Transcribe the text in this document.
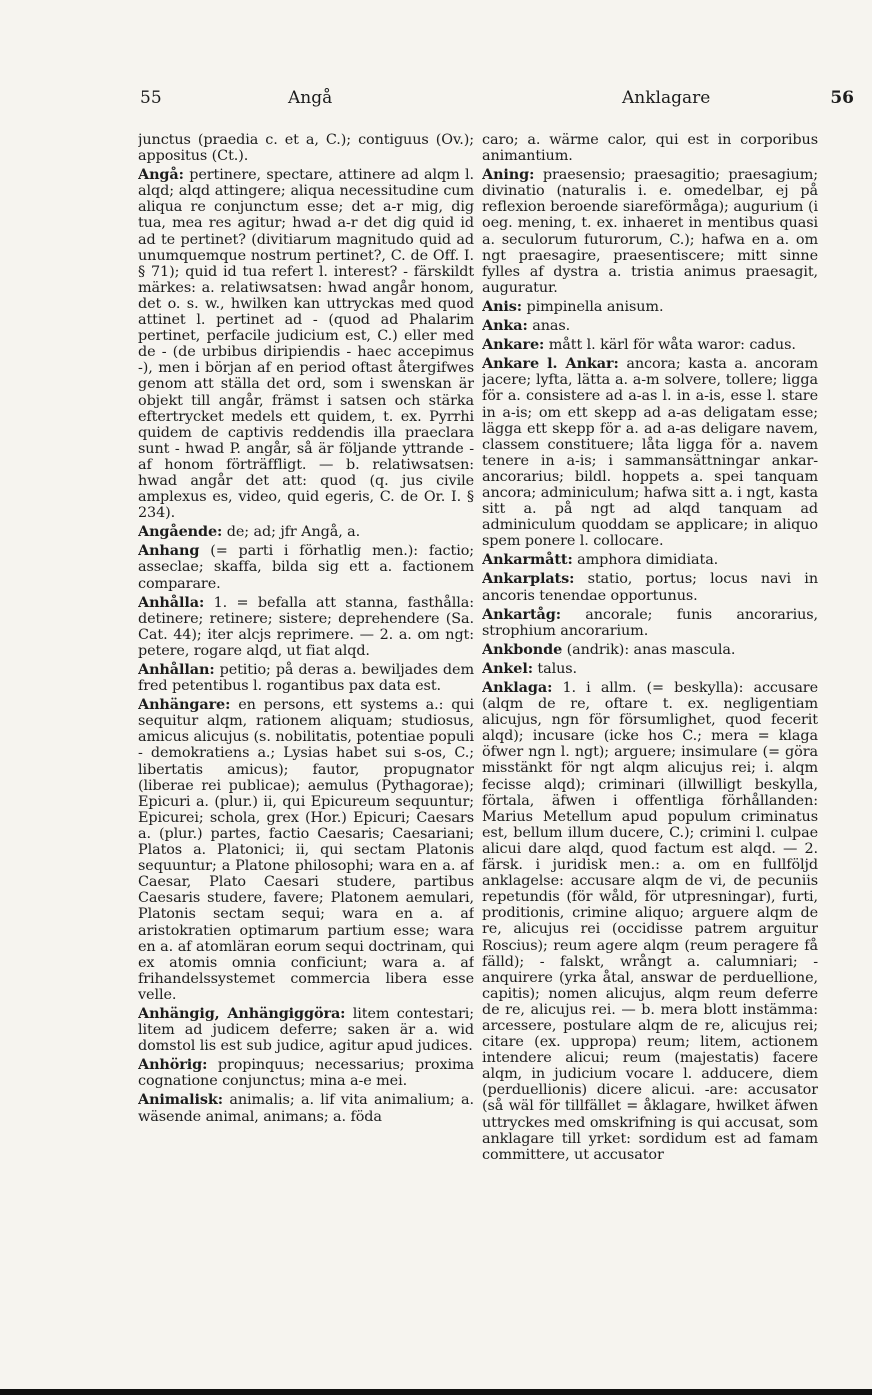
55	Angå	Anklagare	56

junctus (praedia c. et a, C.); contiguus (Ov.); appositus (Ct.).

Angå: pertinere, spectare, attinere ad alqm l. alqd; alqd attingere; aliqua necessitudine cum aliqua re conjunctum esse; det a-r mig, dig tua, mea res agitur; hwad a-r det dig quid id ad te pertinet? (divitiarum magnitudo quid ad unumquemque nostrum pertinet?, C. de Off. I. § 71); quid id tua refert l. interest? - färskildt märkes: a. relatiwsatsen: hwad angår honom, det o. s. w., hwilken kan uttryckas med quod attinet l. pertinet ad - (quod ad Phalarim pertinet, perfacile judicium est, C.) eller med de - (de urbibus diripiendis - haec accepimus -), men i början af en period oftast återgifwes genom att ställa det ord, som i swenskan är objekt till angår, främst i satsen och stärka eftertrycket medels ett quidem, t. ex. Pyrrhi quidem de captivis reddendis illa praeclara sunt - hwad P. angår, så är följande yttrande - af honom förträffligt. — b. relatiwsatsen: hwad angår det att: quod (q. jus civile amplexus es, video, quid egeris, C. de Or. I. § 234).

Angående: de; ad; jfr Angå, a.

Anhang (= parti i förhatlig men.): factio; asseclae; skaffa, bilda sig ett a. factionem comparare.

Anhålla: 1. = befalla att stanna, fasthålla: detinere; retinere; sistere; deprehendere (Sa. Cat. 44); iter alcjs reprimere. — 2. a. om ngt: petere, rogare alqd, ut fiat alqd.

Anhållan: petitio; på deras a. bewiljades dem fred petentibus l. rogantibus pax data est.

Anhängare: en persons, ett systems a.: qui sequitur alqm, rationem aliquam; studiosus, amicus alicujus (s. nobilitatis, potentiae populi - demokratiens a.; Lysias habet sui s-os, C.; libertatis amicus); fautor, propugnator (liberae rei publicae); aemulus (Pythagorae); Epicuri a. (plur.) ii, qui Epicureum sequuntur; Epicurei; schola, grex (Hor.) Epicuri; Caesars a. (plur.) partes, factio Caesaris; Caesariani; Platos a. Platonici; ii, qui sectam Platonis sequuntur; a Platone philosophi; wara en a. af Caesar, Plato Caesari studere, partibus Caesaris studere, favere; Platonem aemulari, Platonis sectam sequi; wara en a. af aristokratien optimarum partium esse; wara en a. af atomläran eorum sequi doctrinam, qui ex atomis omnia conficiunt; wara a. af frihandelssystemet commercia libera esse velle.

Anhängig, Anhängiggöra: litem contestari; litem ad judicem deferre; saken är a. wid domstol lis est sub judice, agitur apud judices.

Anhörig: propinquus; necessarius; proxima cognatione conjunctus; mina a-e mei.

Animalisk: animalis; a. lif vita animalium; a. wäsende animal, animans; a. föda

caro; a. wärme calor, qui est in corporibus animantium.

Aning: praesensio; praesagitio; praesagium; divinatio (naturalis i. e. omedelbar, ej på reflexion beroende siareförmåga); augurium (i oeg. mening, t. ex. inhaeret in mentibus quasi a. seculorum futurorum, C.); hafwa en a. om ngt praesagire, praesentiscere; mitt sinne fylles af dystra a. tristia animus praesagit, auguratur.

Anis: pimpinella anisum.

Anka: anas.

Ankare: mått l. kärl för wåta waror: cadus.

Ankare l. Ankar: ancora; kasta a. ancoram jacere; lyfta, lätta a. a-m solvere, tollere; ligga för a. consistere ad a-as l. in a-is, esse l. stare in a-is; om ett skepp ad a-as deligatam esse; lägga ett skepp för a. ad a-as deligare navem, classem constituere; låta ligga för a. navem tenere in a-is; i sammansättningar ankar- ancorarius; bildl. hoppets a. spei tanquam ancora; adminiculum; hafwa sitt a. i ngt, kasta sitt a. på ngt ad alqd tanquam ad adminiculum quoddam se applicare; in aliquo spem ponere l. collocare.

Ankarmått: amphora dimidiata.

Ankarplats: statio, portus; locus navi in ancoris tenendae opportunus.

Ankartåg: ancorale; funis ancorarius, strophium ancorarium.

Ankbonde (andrik): anas mascula.

Ankel: talus.

Anklaga: 1. i allm. (= beskylla): accusare (alqm de re, oftare t. ex. negligentiam alicujus, ngn för försumlighet, quod fecerit alqd); incusare (icke hos C.; mera = klaga öfwer ngn l. ngt); arguere; insimulare (= göra misstänkt för ngt alqm alicujus rei; i. alqm fecisse alqd); criminari (illwilligt beskylla, förtala, äfwen i offentliga förhållanden: Marius Metellum apud populum criminatus est, bellum illum ducere, C.); crimini l. culpae alicui dare alqd, quod factum est alqd. — 2. färsk. i juridisk men.: a. om en fullföljd anklagelse: accusare alqm de vi, de pecuniis repetundis (för wåld, för utpresningar), furti, proditionis, crimine aliquo; arguere alqm de re, alicujus rei (occidisse patrem arguitur Roscius); reum agere alqm (reum peragere få fälld); - falskt, wrångt a. calumniari; - anquirere (yrka åtal, answar de perduellione, capitis); nomen alicujus, alqm reum deferre de re, alicujus rei. — b. mera blott instämma: arcessere, postulare alqm de re, alicujus rei; citare (ex. uppropa) reum; litem, actionem intendere alicui; reum (majestatis) facere alqm, in judicium vocare l. adducere, diem (perduellionis) dicere alicui. -are: accusator (så wäl för tillfället = åklagare, hwilket äfwen uttryckes med omskrifning is qui accusat, som anklagare till yrket: sordidum est ad famam committere, ut accusator
